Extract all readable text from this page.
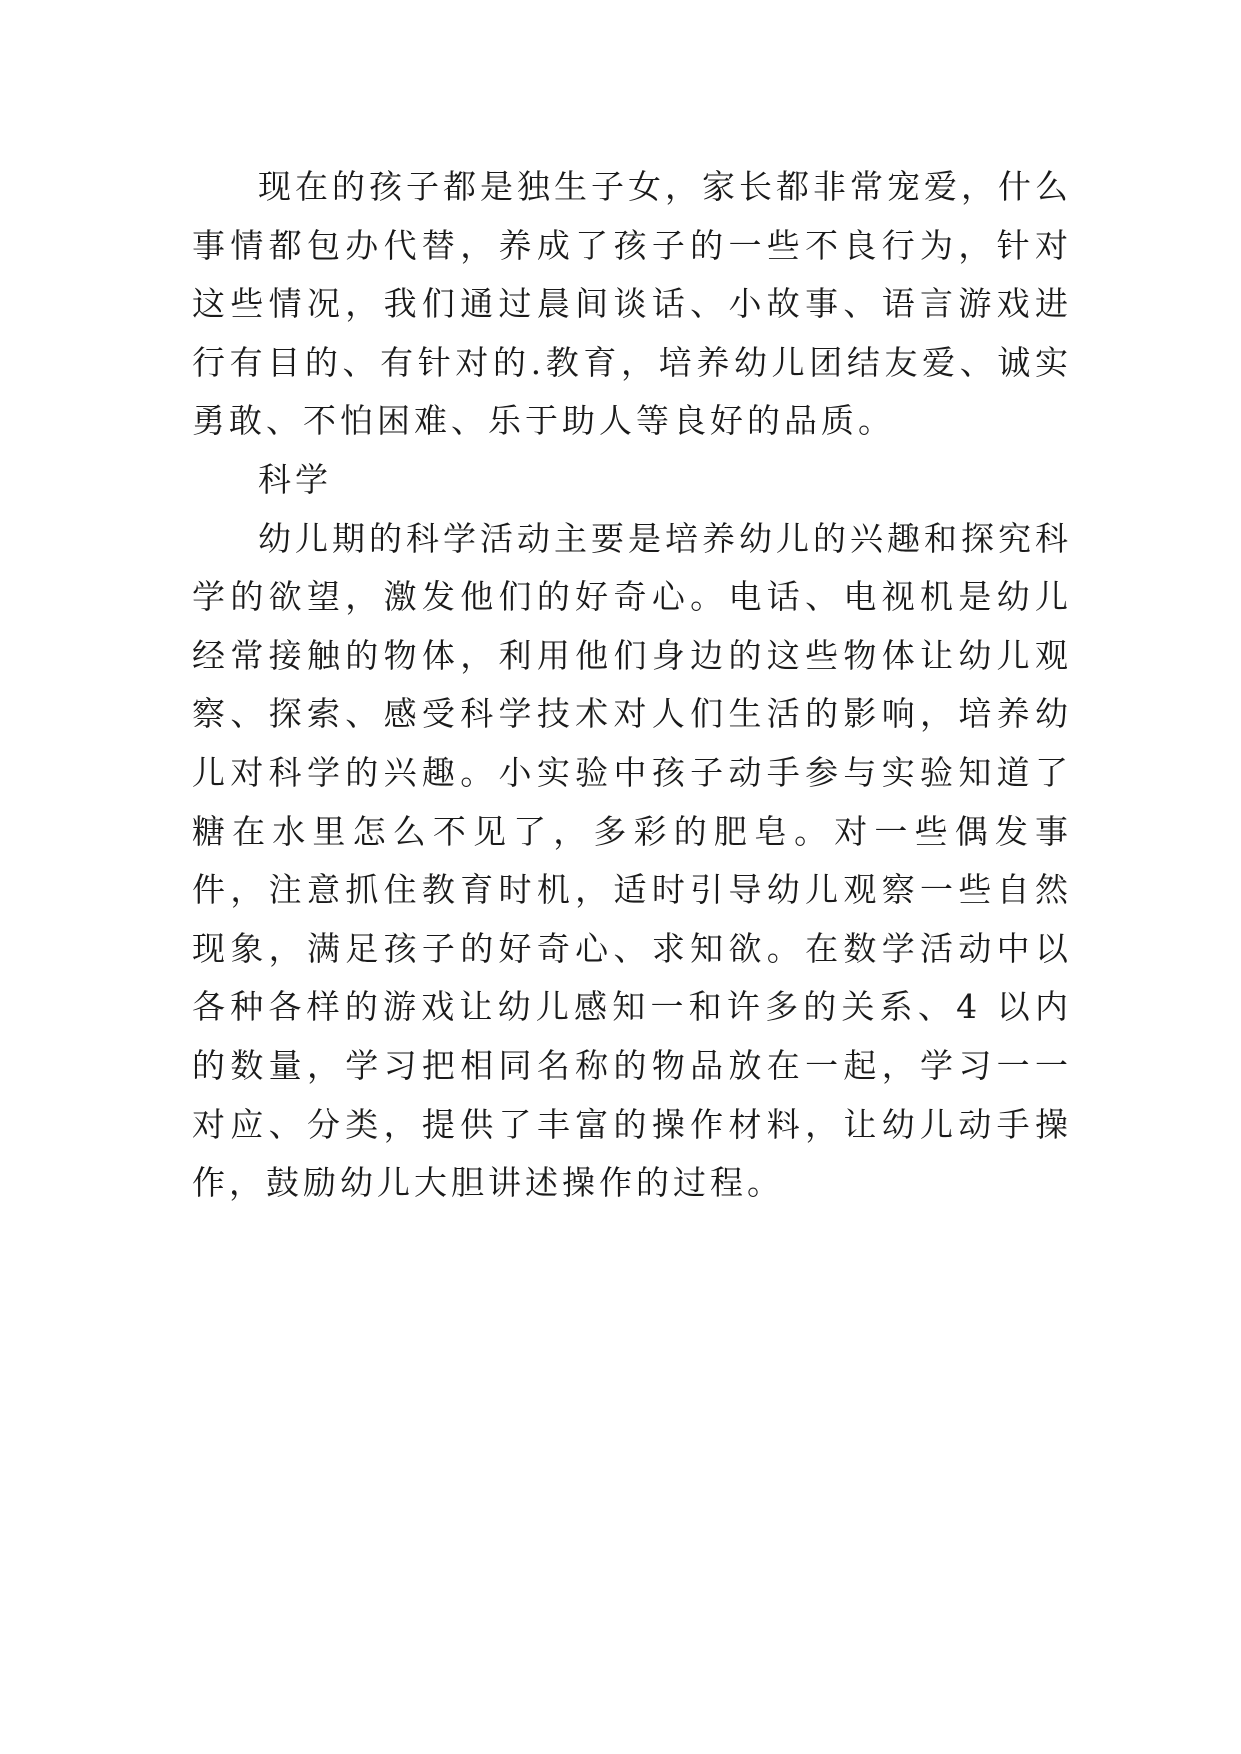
现在的孩子都是独生子女，家长都非常宠爱，什么事情都包办代替，养成了孩子的一些不良行为，针对这些情况，我们通过晨间谈话、小故事、语言游戏进行有目的、有针对的.教育，培养幼儿团结友爱、诚实勇敢、不怕困难、乐于助人等良好的品质。

科学

幼儿期的科学活动主要是培养幼儿的兴趣和探究科学的欲望，激发他们的好奇心。电话、电视机是幼儿经常接触的物体，利用他们身边的这些物体让幼儿观察、探索、感受科学技术对人们生活的影响，培养幼儿对科学的兴趣。小实验中孩子动手参与实验知道了糖在水里怎么不见了，多彩的肥皂。对一些偶发事件，注意抓住教育时机，适时引导幼儿观察一些自然现象，满足孩子的好奇心、求知欲。在数学活动中以各种各样的游戏让幼儿感知一和许多的关系、4 以内的数量，学习把相同名称的物品放在一起，学习一一对应、分类，提供了丰富的操作材料，让幼儿动手操作，鼓励幼儿大胆讲述操作的过程。
